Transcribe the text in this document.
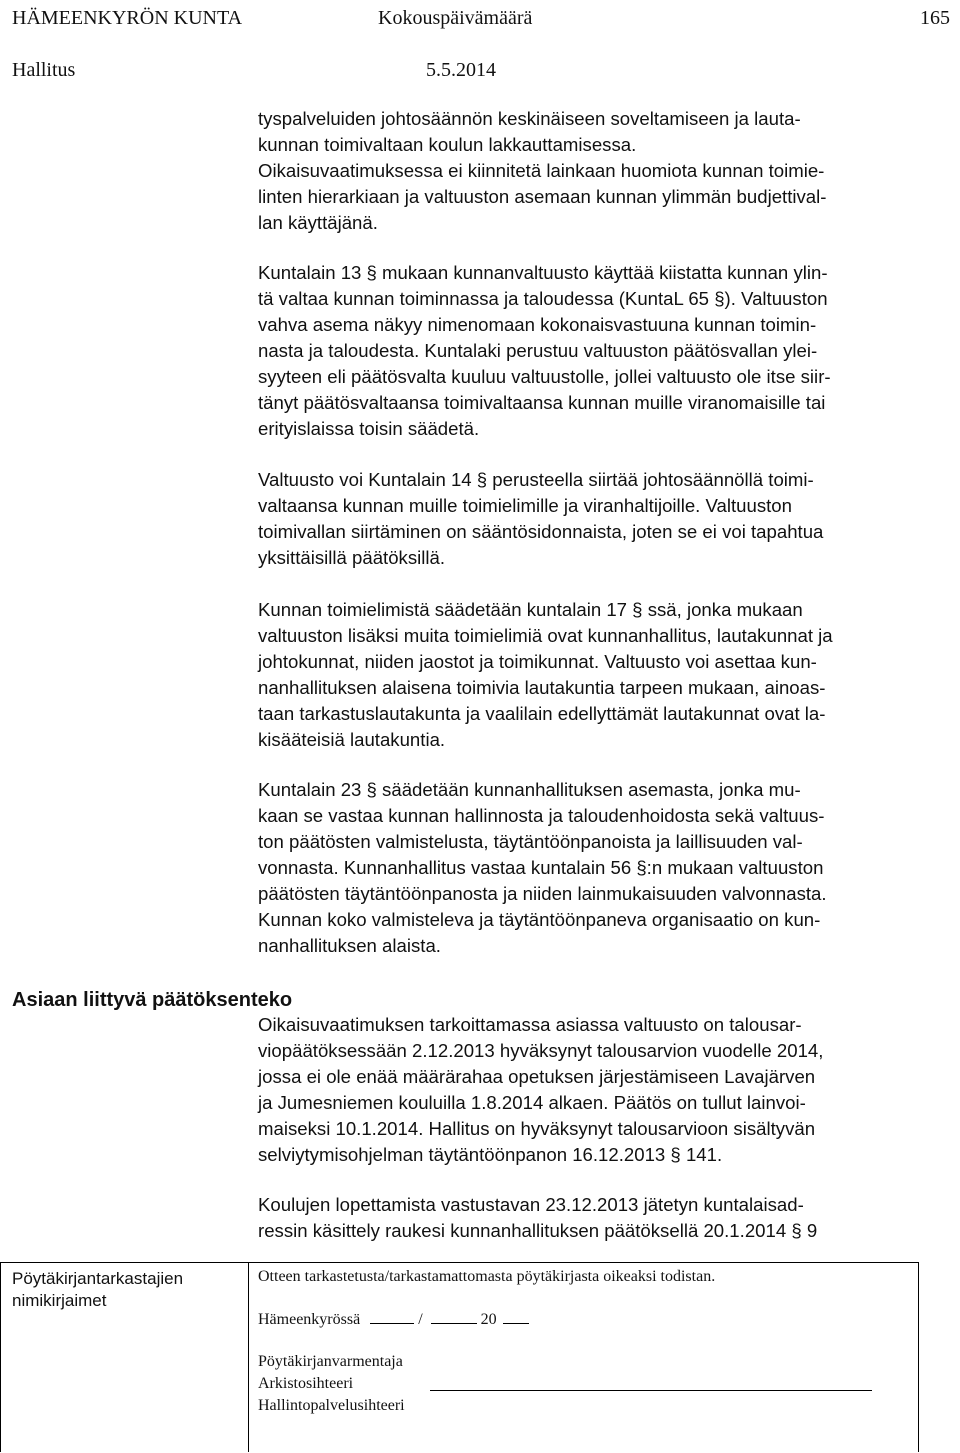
HÄMEENKYRÖN KUNTA	Kokouspäivämäärä	165
Hallitus	5.5.2014
tyspalveluiden johtosäännön keskinäiseen soveltamiseen ja lauta-
kunnan toimivaltaan koulun lakkauttamisessa.
Oikaisuvaatimuksessa ei kiinnitetä lainkaan huomiota kunnan toimie-
linten hierarkiaan ja valtuuston asemaan kunnan ylimmän budjettival-
lan käyttäjänä.
Kuntalain 13 § mukaan kunnanvaltuusto käyttää kiistatta kunnan ylin-
tä valtaa kunnan toiminnassa ja taloudessa (KuntaL 65 §). Valtuuston
vahva asema näkyy nimenomaan kokonaisvastuuna kunnan toimin-
nasta ja taloudesta. Kuntalaki perustuu valtuuston päätösvallan ylei-
syyteen eli päätösvalta kuuluu valtuustolle, jollei valtuusto ole itse siir-
tänyt päätösvaltaansa toimivaltaansa kunnan muille viranomaisille tai
erityislaissa toisin säädetä.
Valtuusto voi Kuntalain 14 § perusteella siirtää johtosäännöllä toimi-
valtaansa kunnan muille toimielimille ja viranhaltijoille. Valtuuston
toimivallan siirtäminen on sääntösidonnaista, joten se ei voi tapahtua
yksittäisillä päätöksillä.
Kunnan toimielimistä säädetään kuntalain 17 § ssä, jonka mukaan
valtuuston lisäksi muita toimielimiä ovat kunnanhallitus, lautakunnat ja
johtokunnat, niiden jaostot ja toimikunnat. Valtuusto voi asettaa kun-
nanhallituksen alaisena toimivia lautakuntia tarpeen mukaan, ainoas-
taan tarkastuslautakunta ja vaalilain edellyttämät lautakunnat ovat la-
kisääteisiä lautakuntia.
Kuntalain 23 § säädetään kunnanhallituksen asemasta, jonka mu-
kaan se vastaa kunnan hallinnosta ja taloudenhoidosta sekä valtuus-
ton päätösten valmistelusta, täytäntöönpanoista ja laillisuuden val-
vonnasta. Kunnanhallitus vastaa kuntalain 56 §:n mukaan valtuuston
päätösten täytäntöönpanosta ja niiden lainmukaisuuden valvonnasta.
Kunnan koko valmisteleva ja täytäntöönpaneva organisaatio on kun-
nanhallituksen alaista.
Asiaan liittyvä päätöksenteko
Oikaisuvaatimuksen tarkoittamassa asiassa valtuusto on talousar-
viopäätöksessään 2.12.2013 hyväksynyt talousarvion vuodelle 2014,
jossa ei ole enää määrärahaa opetuksen järjestämiseen Lavajärven
ja Jumesniemen kouluilla 1.8.2014 alkaen. Päätös on tullut lainvoi-
maiseksi 10.1.2014. Hallitus on hyväksynyt talousarvioon sisältyvän
selviytymisohjelman täytäntöönpanon 16.12.2013 § 141.
Koulujen lopettamista vastustavan 23.12.2013 jätetyn kuntalaisad-
ressin käsittely raukesi kunnanhallituksen päätöksellä 20.1.2014 § 9
Pöytäkirjantarkastajien
nimikirjaimet
Otteen tarkastetusta/tarkastamattomasta pöytäkirjasta oikeaksi todistan.
Hämeenkyrössä	/	20
Pöytäkirjanvarmentaja
Arkistosihteeri
Hallintopalvelusihteeri
